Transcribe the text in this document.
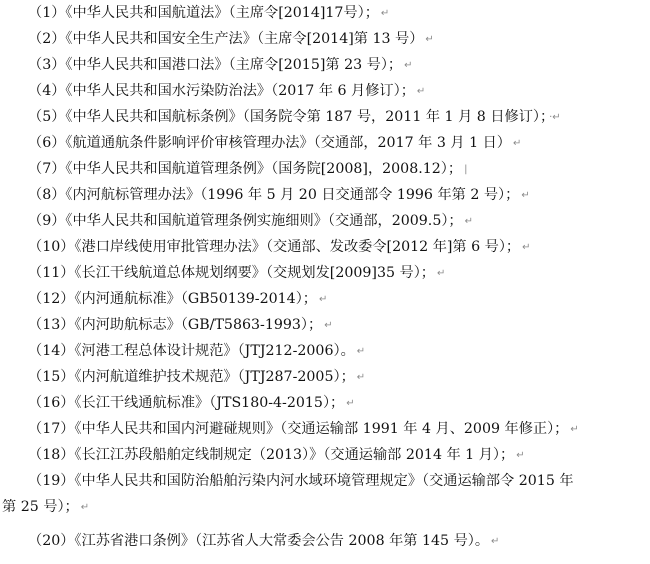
（1）《中华人民共和国航道法》（主席令[2014]17号）； ↵
（2）《中华人民共和国安全生产法》（主席令[2014]第 13 号） ↵
（3）《中华人民共和国港口法》（主席令[2015]第 23 号）； ↵
（4）《中华人民共和国水污染防治法》（2017 年 6 月修订）； ↵
（5）《中华人民共和国航标条例》（国务院令第 187 号，2011 年 1 月 8 日修订）； ·↵
（6）《航道通航条件影响评价审核管理办法》（交通部，2017 年 3 月 1 日） ↵
（7）《中华人民共和国航道管理条例》（国务院[2008]，2008.12）； |
（8）《内河航标管理办法》（1996 年 5 月 20 日交通部令 1996 年第 2 号）； ↵
（9）《中华人民共和国航道管理条例实施细则》（交通部，2009.5）； ↵
（10）《港口岸线使用审批管理办法》（交通部、发改委令[2012 年]第 6 号）； ↵
（11）《长江干线航道总体规划纲要》（交规划发[2009]35 号）； ↵
（12）《内河通航标准》（GB50139-2014）； ↵
（13）《内河助航标志》（GB/T5863-1993）； ↵
（14）《河港工程总体设计规范》（JTJ212-2006）。 ↵
（15）《内河航道维护技术规范》（JTJ287-2005）； ↵
（16）《长江干线通航标准》（JTS180-4-2015）； ↵
（17）《中华人民共和国内河避碰规则》（交通运输部 1991 年 4 月、2009 年修正）； ↵
（18）《长江江苏段船舶定线制规定（2013）》（交通运输部 2014 年 1 月）； ↵
（19）《中华人民共和国防治船舶污染内河水域环境管理规定》（交通运输部令 2015 年
第 25 号）； ↵
（20）《江苏省港口条例》（江苏省人大常委会公告 2008 年第 145 号）。 ↵
